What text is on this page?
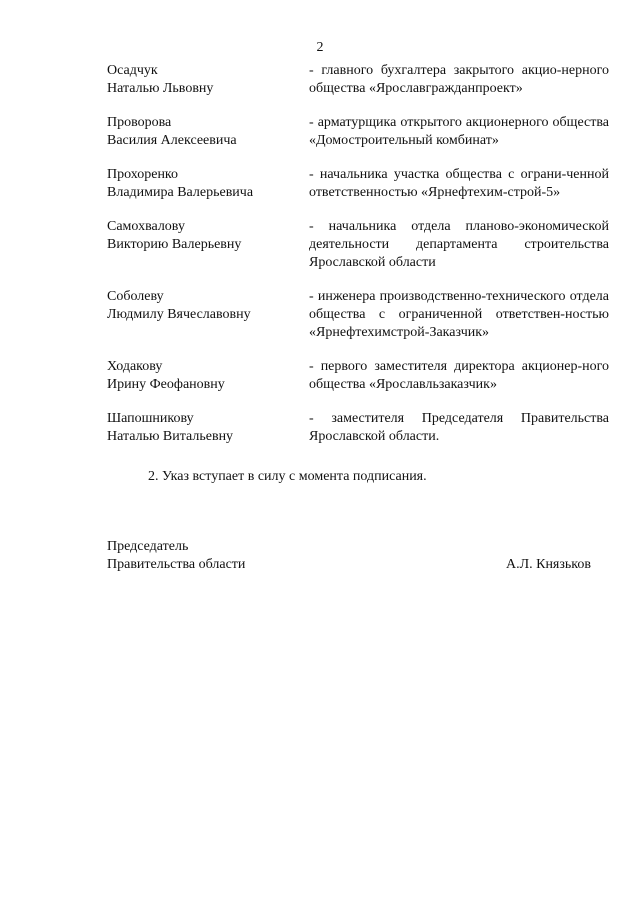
2
Осадчук
Наталью Львовну
- главного бухгалтера закрытого акцио-нерного общества «Ярославгражданпроект»
Проворова
Василия Алексеевича
- арматурщика открытого акционерного общества «Домостроительный комбинат»
Прохоренко
Владимира Валерьевича
- начальника участка общества с ограни-ченной ответственностью «Ярнефтехим-строй-5»
Самохвалову
Викторию Валерьевну
- начальника отдела планово-экономической деятельности департамента строительства Ярославской области
Соболеву
Людмилу Вячеславовну
- инженера производственно-технического отдела общества с ограниченной ответствен-ностью «Ярнефтехимстрой-Заказчик»
Ходакову
Ирину Феофановну
- первого заместителя директора акционер-ного общества «Ярославльзаказчик»
Шапошникову
Наталью Витальевну
- заместителя Председателя Правительства Ярославской области.
2. Указ вступает в силу с момента подписания.
Председатель
Правительства области	А.Л. Князьков
